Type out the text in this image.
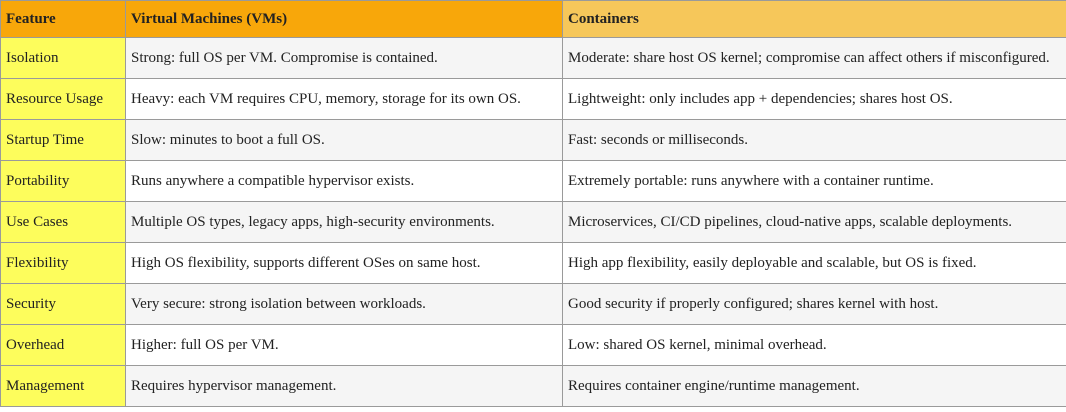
Feature	Virtual Machines (VMs)	Containers
Isolation	Strong: full OS per VM. Compromise is contained.	Moderate: share host OS kernel; compromise can affect others if misconfigured.
Resource Usage	Heavy: each VM requires CPU, memory, storage for its own OS.	Lightweight: only includes app + dependencies; shares host OS.
Startup Time	Slow: minutes to boot a full OS.	Fast: seconds or milliseconds.
Portability	Runs anywhere a compatible hypervisor exists.	Extremely portable: runs anywhere with a container runtime.
Use Cases	Multiple OS types, legacy apps, high-security environments.	Microservices, CI/CD pipelines, cloud-native apps, scalable deployments.
Flexibility	High OS flexibility, supports different OSes on same host.	High app flexibility, easily deployable and scalable, but OS is fixed.
Security	Very secure: strong isolation between workloads.	Good security if properly configured; shares kernel with host.
Overhead	Higher: full OS per VM.	Low: shared OS kernel, minimal overhead.
Management	Requires hypervisor management.	Requires container engine/runtime management.
